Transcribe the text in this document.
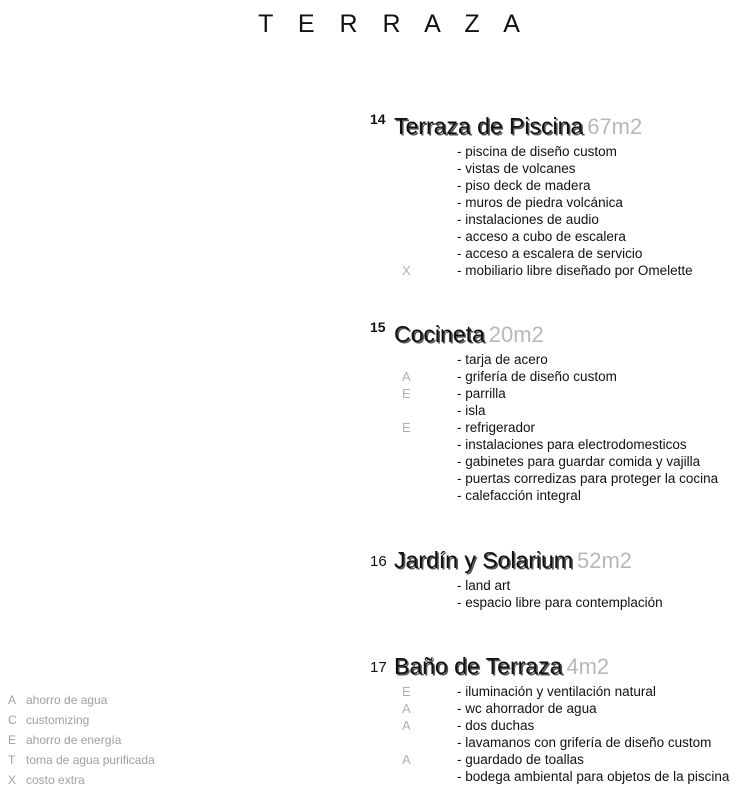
T E R R A Z A
14 Terraza de Piscina 67m2
- piscina de diseño custom
- vistas de volcanes
- piso deck de madera
- muros de piedra volcánica
- instalaciones de audio
- acceso a cubo de escalera
- acceso a escalera de servicio
X	- mobiliario libre diseñado por Omelette
15 Cocineta 20m2
- tarja de acero
A	- grifería de diseño custom
E	- parrilla
- isla
E	- refrigerador
- instalaciones para electrodomesticos
- gabinetes para guardar comida y vajilla
- puertas corredizas para proteger la cocina
- calefacción integral
16 Jardín y Solarium 52m2
- land art
- espacio libre para contemplación
17 Baño de Terraza 4m2
E	- iluminación y ventilación natural
A	- wc ahorrador de agua
A	- dos duchas
- lavamanos con grifería de diseño custom
A	- guardado de toallas
- bodega ambiental para objetos de la piscina
A ahorro de agua
C customizing
E ahorro de energía
T toma de agua purificada
X costo extra
